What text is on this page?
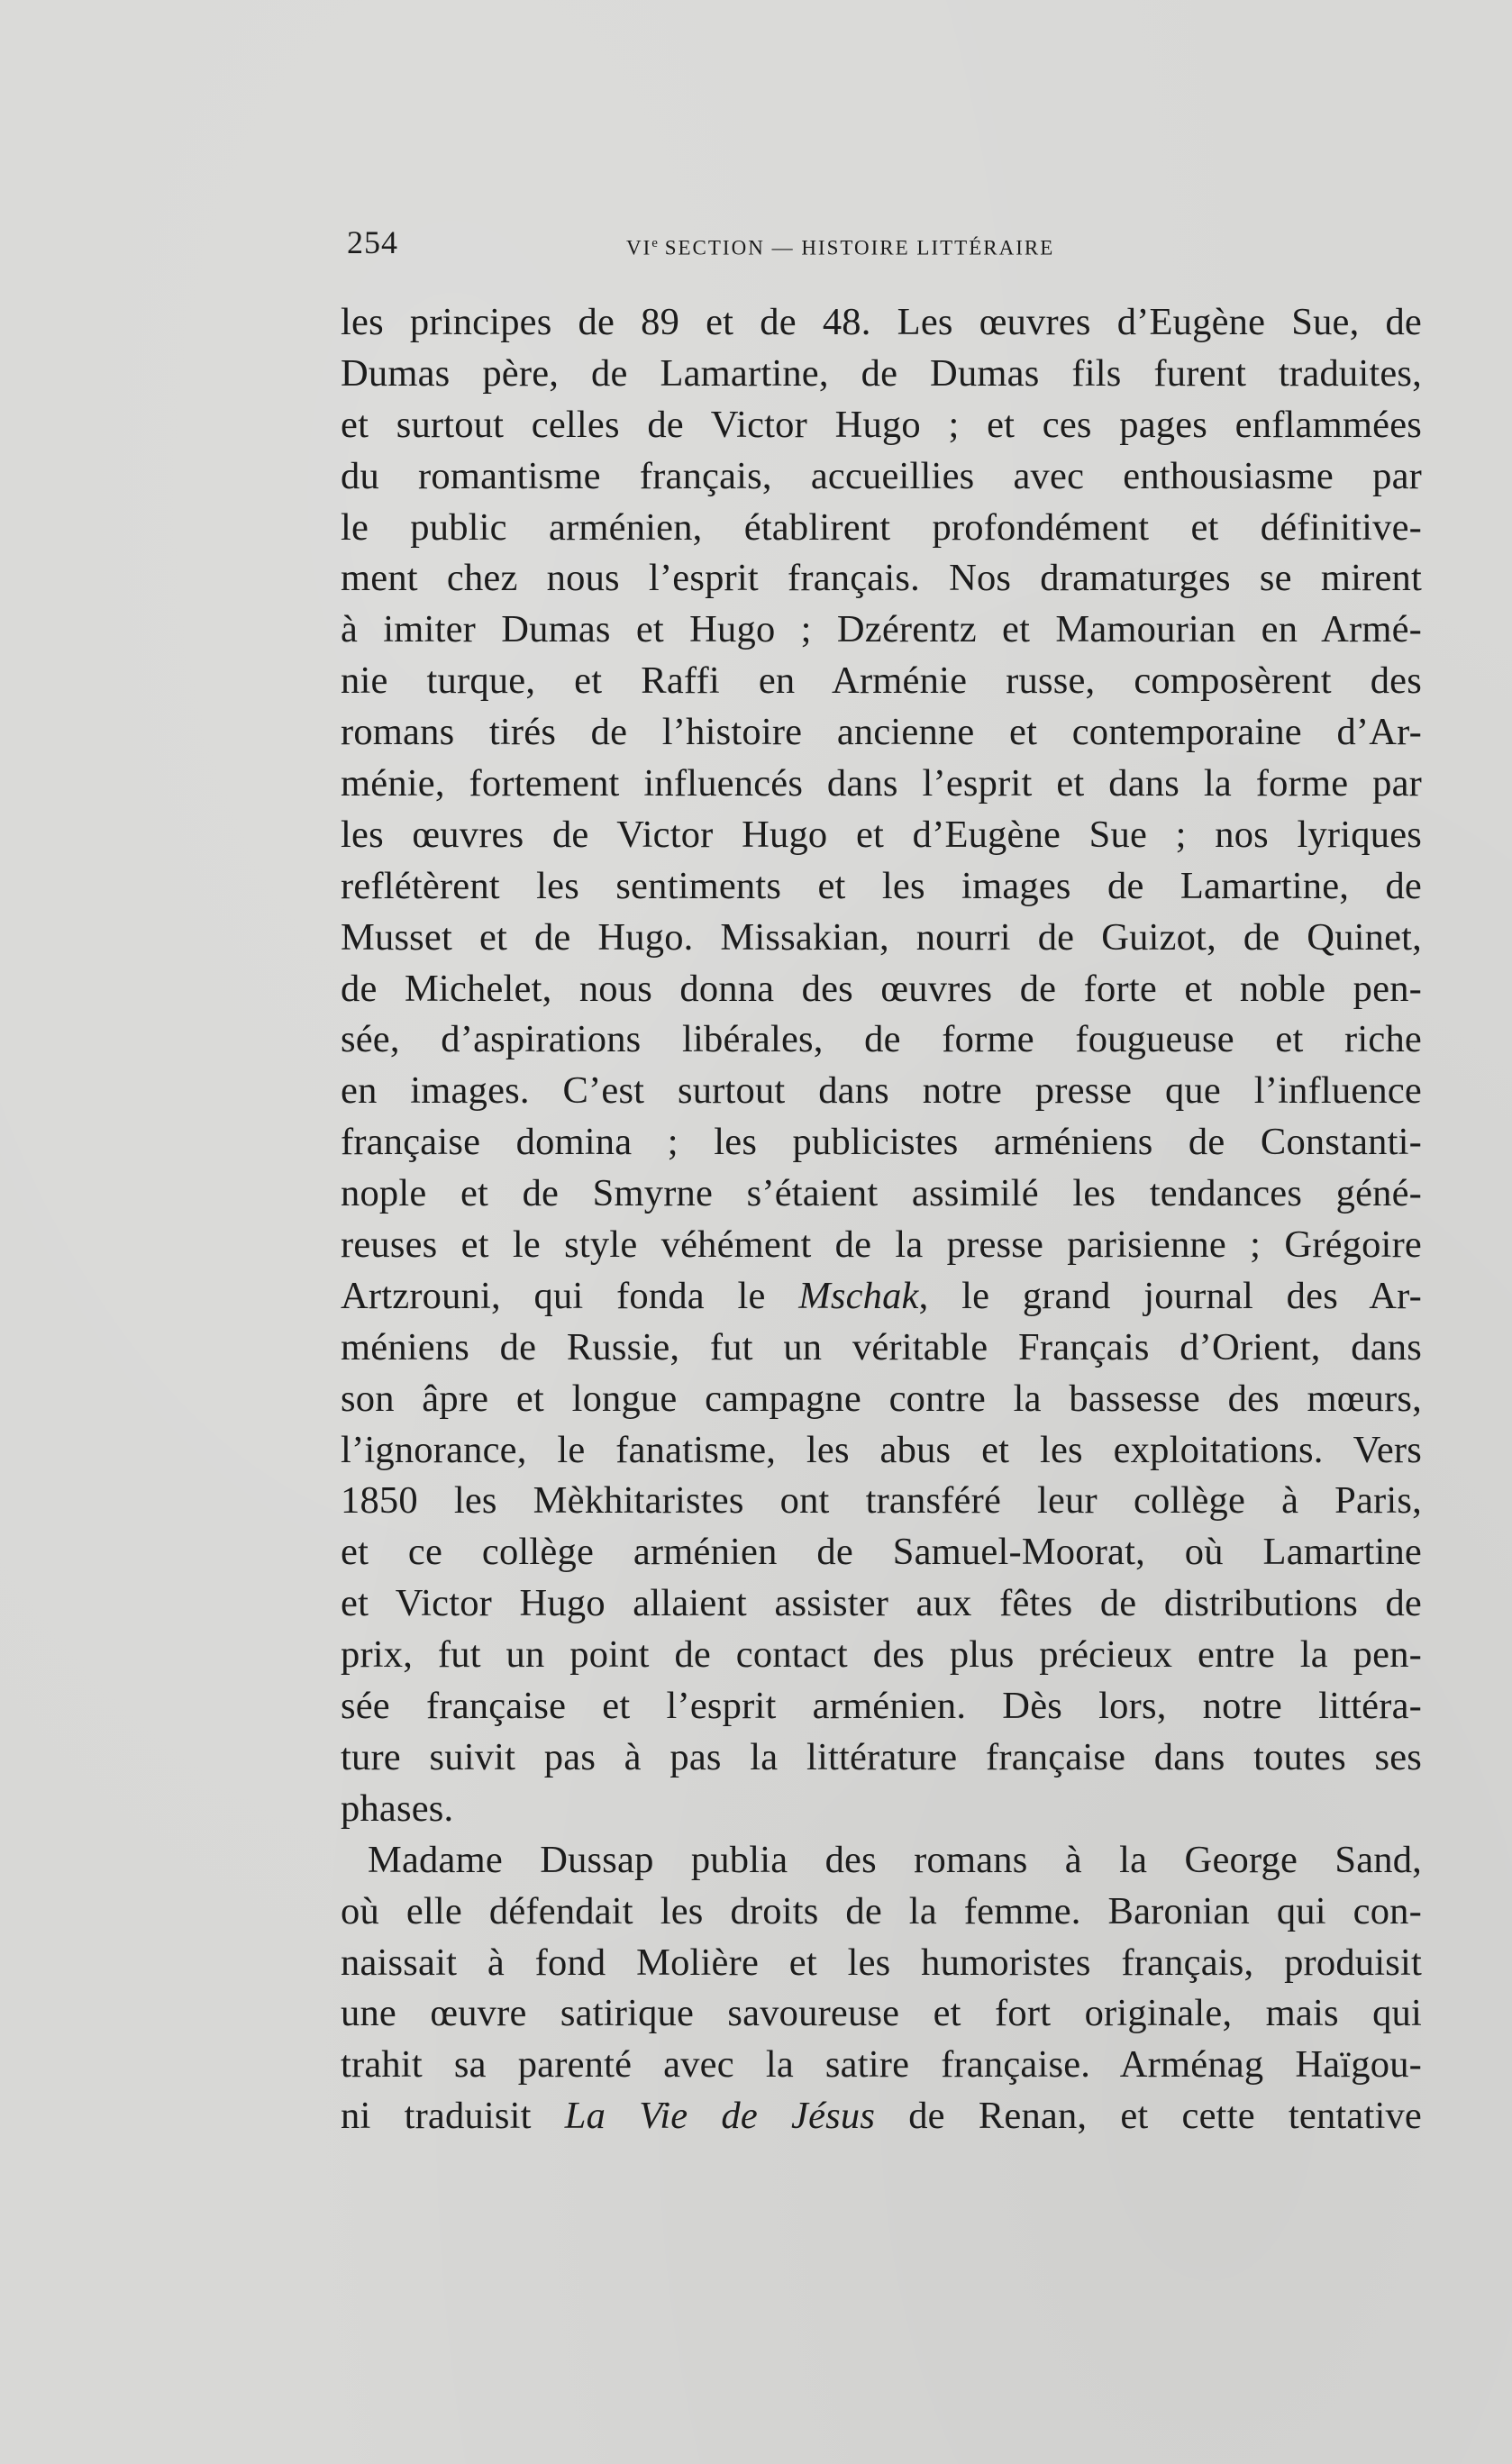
254	VIe SECTION — HISTOIRE LITTÉRAIRE
les principes de 89 et de 48. Les œuvres d’Eugène Sue, de
Dumas père, de Lamartine, de Dumas fils furent traduites,
et surtout celles de Victor Hugo ; et ces pages enflammées
du romantisme français, accueillies avec enthousiasme par
le public arménien, établirent profondément et définitive-
ment chez nous l’esprit français. Nos dramaturges se mirent
à imiter Dumas et Hugo ; Dzérentz et Mamourian en Armé-
nie turque, et Raffi en Arménie russe, composèrent des
romans tirés de l’histoire ancienne et contemporaine d’Ar-
ménie, fortement influencés dans l’esprit et dans la forme par
les œuvres de Victor Hugo et d’Eugène Sue ; nos lyriques
reflétèrent les sentiments et les images de Lamartine, de
Musset et de Hugo. Missakian, nourri de Guizot, de Quinet,
de Michelet, nous donna des œuvres de forte et noble pen-
sée, d’aspirations libérales, de forme fougueuse et riche
en images. C’est surtout dans notre presse que l’influence
française domina ; les publicistes arméniens de Constanti-
nople et de Smyrne s’étaient assimilé les tendances géné-
reuses et le style véhément de la presse parisienne ; Grégoire
Artzrouni, qui fonda le Mschak, le grand journal des Ar-
méniens de Russie, fut un véritable Français d’Orient, dans
son âpre et longue campagne contre la bassesse des mœurs,
l’ignorance, le fanatisme, les abus et les exploitations. Vers
1850 les Mèkhitaristes ont transféré leur collège à Paris,
et ce collège arménien de Samuel-Moorat, où Lamartine
et Victor Hugo allaient assister aux fêtes de distributions de
prix, fut un point de contact des plus précieux entre la pen-
sée française et l’esprit arménien. Dès lors, notre littéra-
ture suivit pas à pas la littérature française dans toutes ses
phases.
Madame Dussap publia des romans à la George Sand,
où elle défendait les droits de la femme. Baronian qui con-
naissait à fond Molière et les humoristes français, produisit
une œuvre satirique savoureuse et fort originale, mais qui
trahit sa parenté avec la satire française. Arménag Haïgou-
ni traduisit La Vie de Jésus de Renan, et cette tentative
